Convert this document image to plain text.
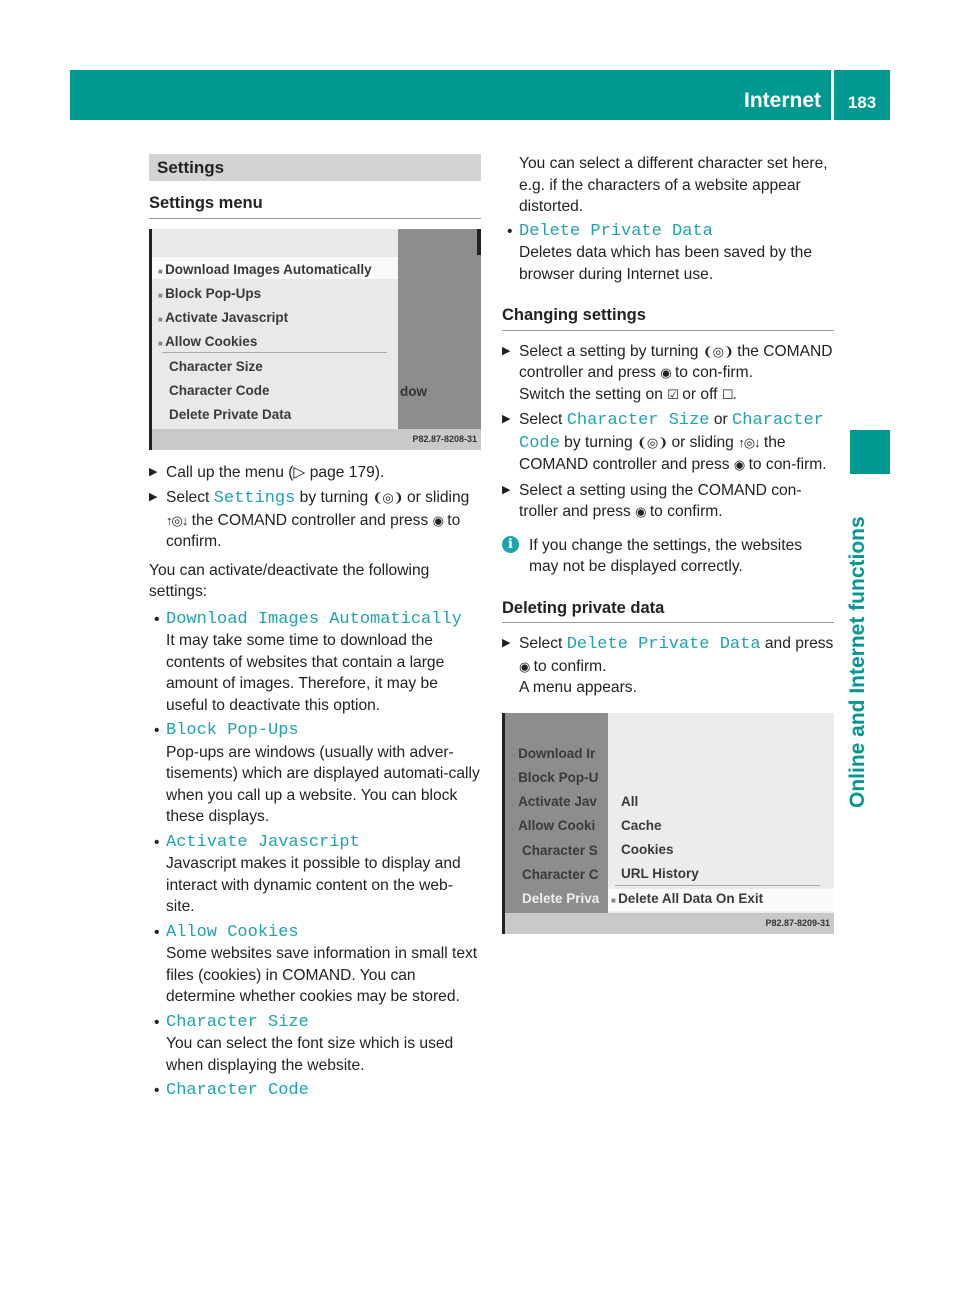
Internet	183
Online and Internet functions
Settings
Settings menu
■ Download Images Automatically
■ Block Pop-Ups
■ Activate Javascript
■ Allow Cookies
Character Size
Character Code
Delete Private Data
dow
P82.87-8208-31

▶ Call up the menu (▷ page 179).

▶ Select Settings by turning ❨◎❩ or sliding ↑◎↓ the COMAND controller and press ◉ to confirm.

You can activate/deactivate the following settings:

• Download Images Automatically
It may take some time to download the contents of websites that contain a large amount of images. Therefore, it may be useful to deactivate this option.
• Block Pop-Ups
Pop-ups are windows (usually with adver-tisements) which are displayed automati-cally when you call up a website. You can block these displays.
• Activate Javascript
Javascript makes it possible to display and interact with dynamic content on the web-site.
• Allow Cookies
Some websites save information in small text files (cookies) in COMAND. You can determine whether cookies may be stored.
• Character Size
You can select the font size which is used when displaying the website.
• Character Code

You can select a different character set here, e.g. if the characters of a website appear distorted.

• Delete Private Data
Deletes data which has been saved by the browser during Internet use.
Changing settings

▶ Select a setting by turning ❨◎❩ the COMAND controller and press ◉ to con-firm.
Switch the setting on ☑ or off ☐.

▶ Select Character Size or Character Code by turning ❨◎❩ or sliding ↑◎↓ the COMAND controller and press ◉ to con-firm.

▶ Select a setting using the COMAND con-troller and press ◉ to confirm.

i	If you change the settings, the websites may not be displayed correctly.
Deleting private data

▶ Select Delete Private Data and press ◉ to confirm.
A menu appears.

■ Download Ir
■ Block Pop-U
■ Activate Jav
■ Allow Cooki
Character S
Character C
Delete Priva
All
Cache
Cookies
URL History
■ Delete All Data On Exit
P82.87-8209-31
